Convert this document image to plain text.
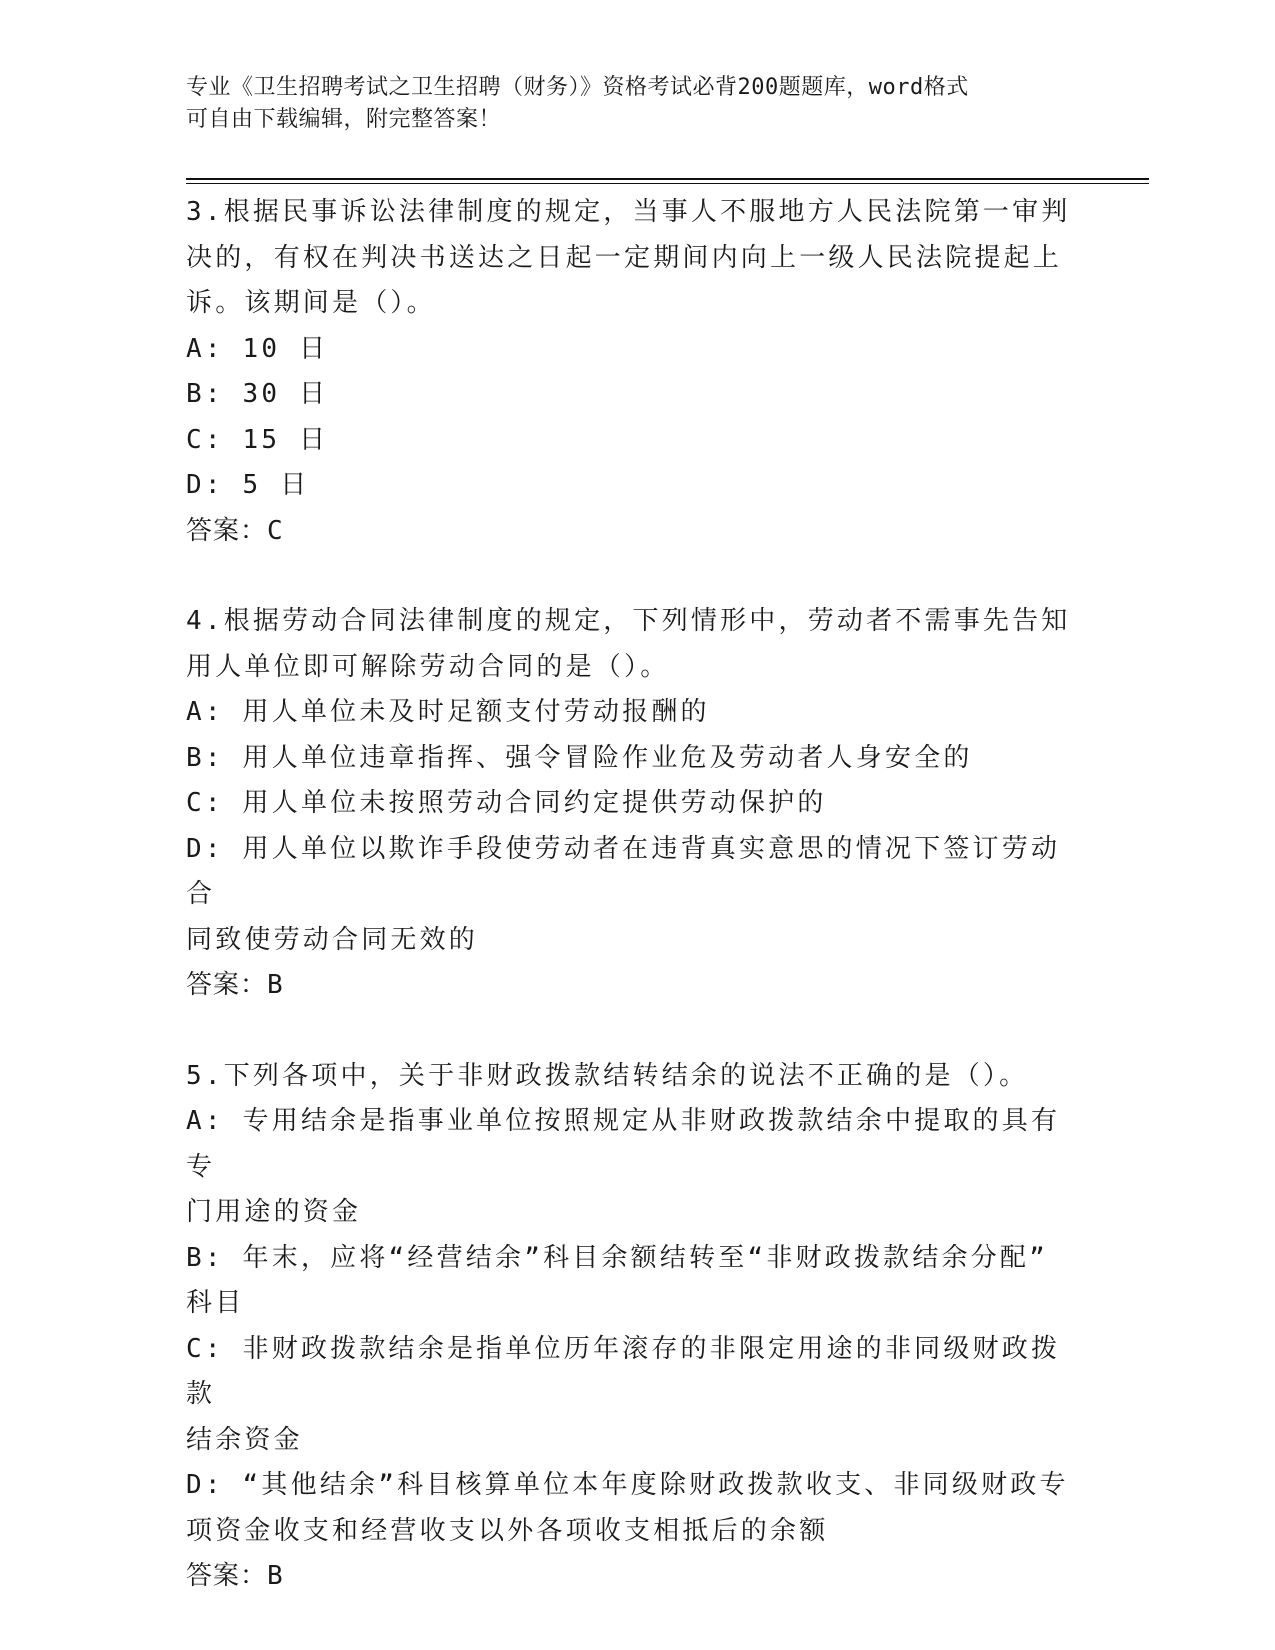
专业《卫生招聘考试之卫生招聘（财务）》资格考试必背200题题库，word格式
可自由下载编辑，附完整答案！
3.根据民事诉讼法律制度的规定，当事人不服地方人民法院第一审判
决的，有权在判决书送达之日起一定期间内向上一级人民法院提起上
诉。该期间是（）。
A: 10 日
B: 30 日
C: 15 日
D: 5 日
答案：C
4.根据劳动合同法律制度的规定，下列情形中，劳动者不需事先告知
用人单位即可解除劳动合同的是（）。
A: 用人单位未及时足额支付劳动报酬的
B: 用人单位违章指挥、强令冒险作业危及劳动者人身安全的
C: 用人单位未按照劳动合同约定提供劳动保护的
D: 用人单位以欺诈手段使劳动者在违背真实意思的情况下签订劳动合
同致使劳动合同无效的
答案：B
5.下列各项中，关于非财政拨款结转结余的说法不正确的是（）。
A: 专用结余是指事业单位按照规定从非财政拨款结余中提取的具有专
门用途的资金
B: 年末，应将“经营结余”科目余额结转至“非财政拨款结余分配”
科目
C: 非财政拨款结余是指单位历年滚存的非限定用途的非同级财政拨款
结余资金
D: “其他结余”科目核算单位本年度除财政拨款收支、非同级财政专
项资金收支和经营收支以外各项收支相抵后的余额
答案：B
